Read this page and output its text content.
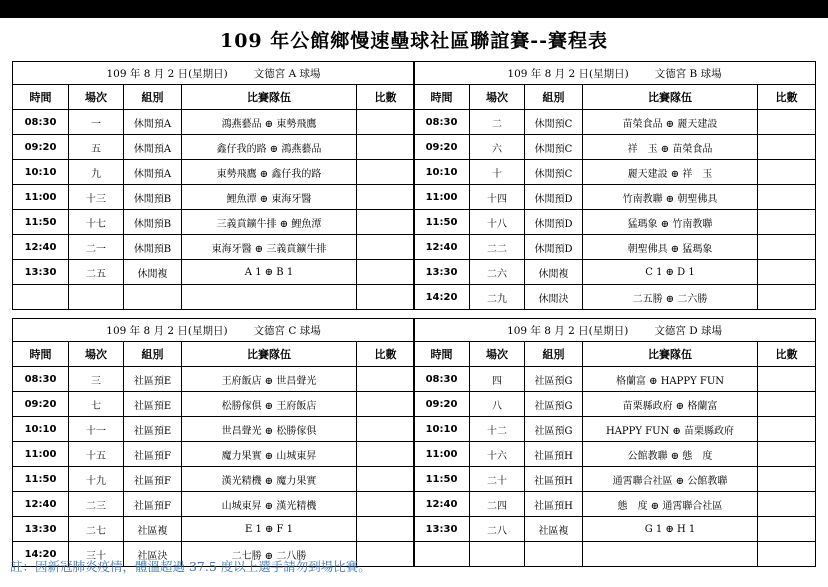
109 年公館鄉慢速壘球社區聯誼賽--賽程表
109 年 8 月 2 日(星期日) 文德宮 A 球場				
時間	場次	組別	比賽隊伍	比數
08:30	一	休閒預A	鴻燕藝品 ⊕ 東勢飛鷹	
09:20	五	休閒預A	鑫仔我的路 ⊕ 鴻燕藝品	
10:10	九	休閒預A	東勢飛鷹 ⊕ 鑫仔我的路	
11:00	十三	休閒預B	鯉魚潭 ⊕ 東海牙醫	
11:50	十七	休閒預B	三義賁鑛牛排 ⊕ 鯉魚潭	
12:40	二一	休閒預B	東海牙醫 ⊕ 三義賁鑛牛排	
13:30	二五	休閒複	A 1 ⊕ B 1	

109 年 8 月 2 日(星期日) 文德宮 B 球場				
時間	場次	組別	比賽隊伍	比數
08:30	二	休閒預C	苗榮食品 ⊕ 麗天建設	
09:20	六	休閒預C	祥　玉 ⊕ 苗榮食品	
10:10	十	休閒預C	麗天建設 ⊕ 祥　玉	
11:00	十四	休閒預D	竹南教聯 ⊕ 朝聖佛具	
11:50	十八	休閒預D	猛瑪象 ⊕ 竹南教聯	
12:40	二二	休閒預D	朝聖佛具 ⊕ 猛瑪象	
13:30	二六	休閒複	C 1 ⊕ D 1	
14:20	二九	休閒決	二五勝 ⊕ 二六勝	
109 年 8 月 2 日(星期日) 文德宮 C 球場				
時間	場次	組別	比賽隊伍	比數
08:30	三	社區預E	王府飯店 ⊕ 世昌聲光	
09:20	七	社區預E	松勝傢俱 ⊕ 王府飯店	
10:10	十一	社區預E	世昌聲光 ⊕ 松勝傢俱	
11:00	十五	社區預F	魔力果實 ⊕ 山城東昇	
11:50	十九	社區預F	漢光精機 ⊕ 魔力果實	
12:40	二三	社區預F	山城東昇 ⊕ 漢光精機	
13:30	二七	社區複	E 1 ⊕ F 1	
14:20	三十	社區決	二七勝 ⊕ 二八勝	
109 年 8 月 2 日(星期日) 文德宮 D 球場				
時間	場次	組別	比賽隊伍	比數
08:30	四	社區預G	格蘭富 ⊕ HAPPY FUN	
09:20	八	社區預G	苗栗縣政府 ⊕ 格蘭富	
10:10	十二	社區預G	HAPPY FUN ⊕ 苗栗縣政府	
11:00	十六	社區預H	公館教聯 ⊕ 態　度	
11:50	二十	社區預H	通霄聯合社區 ⊕ 公館教聯	
12:40	二四	社區預H	態　度 ⊕ 通霄聯合社區	
13:30	二八	社區複	G 1 ⊕ H 1	

註：因新冠肺炎疫情，體溫超過 37.5 度以上選手請勿到場比賽。
